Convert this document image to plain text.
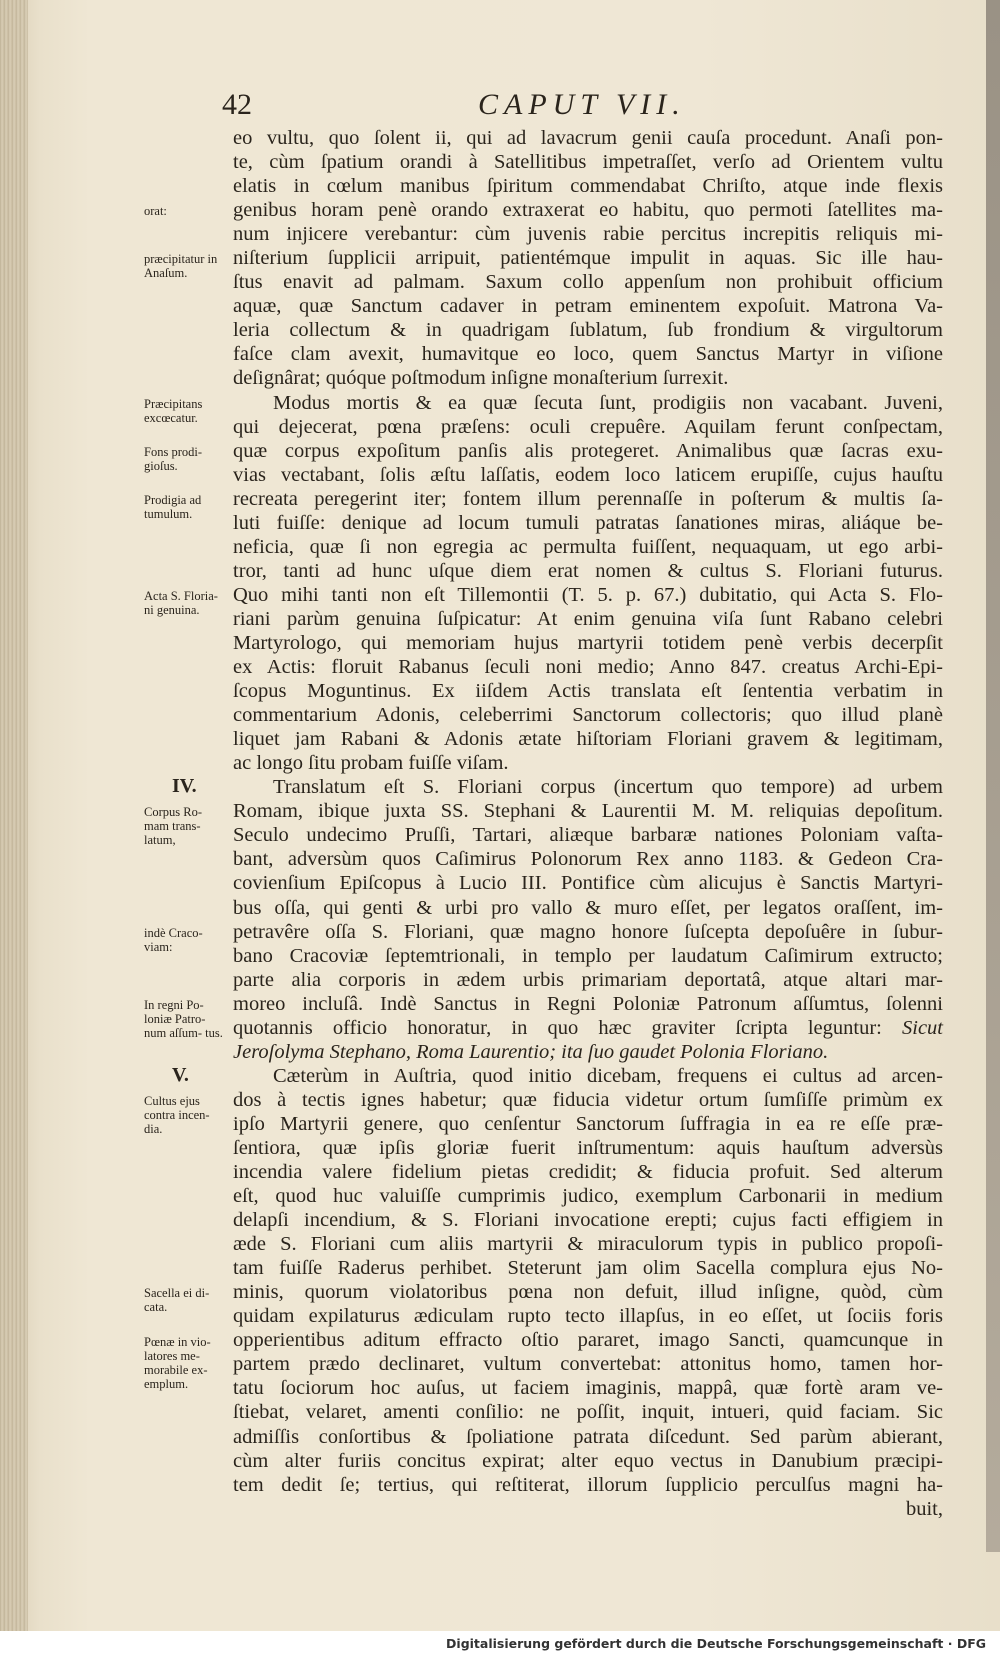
42	CAPUT VII.
eo vultu, quo ſolent ii, qui ad lavacrum genii cauſa procedunt. Anaſi pon-
te, cùm ſpatium orandi à Satellitibus impetraſſet, verſo ad Orientem vultu
elatis in cœlum manibus ſpiritum commendabat Chriſto, atque inde flexis
genibus horam penè orando extraxerat eo habitu, quo permoti ſatellites ma-
num injicere verebantur: cùm juvenis rabie percitus increpitis reliquis mi-
niſterium ſupplicii arripuit, patientémque impulit in aquas. Sic ille hau-
ſtus enavit ad palmam. Saxum collo appenſum non prohibuit officium
aquæ, quæ Sanctum cadaver in petram eminentem expoſuit. Matrona Va-
leria collectum & in quadrigam ſublatum, ſub frondium & virgultorum
faſce clam avexit, humavitque eo loco, quem Sanctus Martyr in viſione
deſignârat; quóque poſtmodum inſigne monaſterium ſurrexit.
Modus mortis & ea quæ ſecuta ſunt, prodigiis non vacabant. Juveni,
qui dejecerat, pœna præſens: oculi crepuêre. Aquilam ferunt conſpectam,
quæ corpus expoſitum panſis alis protegeret. Animalibus quæ ſacras exu-
vias vectabant, ſolis æſtu laſſatis, eodem loco laticem erupiſſe, cujus hauſtu
recreata peregerint iter; fontem illum perennaſſe in poſterum & multis ſa-
luti fuiſſe: denique ad locum tumuli patratas ſanationes miras, aliáque be-
neficia, quæ ſi non egregia ac permulta fuiſſent, nequaquam, ut ego arbi-
tror, tanti ad hunc uſque diem erat nomen & cultus S. Floriani futurus.
Quo mihi tanti non eſt Tillemontii (T. 5. p. 67.) dubitatio, qui Acta S. Flo-
riani parùm genuina ſuſpicatur: At enim genuina viſa ſunt Rabano celebri
Martyrologo, qui memoriam hujus martyrii totidem penè verbis decerpſit
ex Actis: floruit Rabanus ſeculi noni medio; Anno 847. creatus Archi-Epi-
ſcopus Moguntinus. Ex iiſdem Actis translata eſt ſententia verbatim in
commentarium Adonis, celeberrimi Sanctorum collectoris; quo illud planè
liquet jam Rabani & Adonis ætate hiſtoriam Floriani gravem & legitimam,
ac longo ſitu probam fuiſſe viſam.
Translatum eſt S. Floriani corpus (incertum quo tempore) ad urbem
Romam, ibique juxta SS. Stephani & Laurentii M. M. reliquias depoſitum.
Seculo undecimo Pruſſi, Tartari, aliæque barbaræ nationes Poloniam vaſta-
bant, adversùm quos Caſimirus Polonorum Rex anno 1183. & Gedeon Cra-
covienſium Epiſcopus à Lucio III. Pontifice cùm alicujus è Sanctis Martyri-
bus oſſa, qui genti & urbi pro vallo & muro eſſet, per legatos oraſſent, im-
petravêre oſſa S. Floriani, quæ magno honore ſuſcepta depoſuêre in ſubur-
bano Cracoviæ ſeptemtrionali, in templo per laudatum Caſimirum extructo;
parte alia corporis in ædem urbis primariam deportatâ, atque altari mar-
moreo incluſâ. Indè Sanctus in Regni Poloniæ Patronum aſſumtus, ſolenni
quotannis officio honoratur, in quo hæc graviter ſcripta leguntur: Sicut
Jeroſolyma Stephano, Roma Laurentio; ita ſuo gaudet Polonia Floriano.
Cæterùm in Auſtria, quod initio dicebam, frequens ei cultus ad arcen-
dos à tectis ignes habetur; quæ fiducia videtur ortum ſumſiſſe primùm ex
ipſo Martyrii genere, quo cenſentur Sanctorum ſuffragia in ea re eſſe præ-
ſentiora, quæ ipſis gloriæ fuerit inſtrumentum: aquis hauſtum adversùs
incendia valere fidelium pietas credidit; & fiducia profuit. Sed alterum
eſt, quod huc valuiſſe cumprimis judico, exemplum Carbonarii in medium
delapſi incendium, & S. Floriani invocatione erepti; cujus facti effigiem in
æde S. Floriani cum aliis martyrii & miraculorum typis in publico propoſi-
tam fuiſſe Raderus perhibet. Steterunt jam olim Sacella complura ejus No-
minis, quorum violatoribus pœna non defuit, illud inſigne, quòd, cùm
quidam expilaturus ædiculam rupto tecto illapſus, in eo eſſet, ut ſociis foris
opperientibus aditum effracto oſtio pararet, imago Sancti, quamcunque in
partem prædo declinaret, vultum convertebat: attonitus homo, tamen hor-
tatu ſociorum hoc auſus, ut faciem imaginis, mappâ, quæ fortè aram ve-
ſtiebat, velaret, amenti conſilio: ne poſſit, inquit, intueri, quid faciam. Sic
admiſſis conſortibus & ſpoliatione patrata diſcedunt. Sed parùm abierant,
cùm alter furiis concitus expirat; alter equo vectus in Danubium præcipi-
tem dedit ſe; tertius, qui reſtiterat, illorum ſupplicio perculſus magni ha-
buit,
orat:
præcipitatur in Anaſum.
Præcipitans excœcatur.
Fons prodi- gioſus.
Prodigia ad tumulum.
Acta S. Floria- ni genuina.
Corpus Ro- mam trans- latum,
indè Craco- viam:
In regni Po- loniæ Patro- num aſſum- tus.
Cultus ejus contra incen- dia.
Sacella ei di- cata.
Pœnæ in vio- latores me- morabile ex- emplum.
IV.
V.
Digitalisierung gefördert durch die Deutsche Forschungsgemeinschaft · DFG
